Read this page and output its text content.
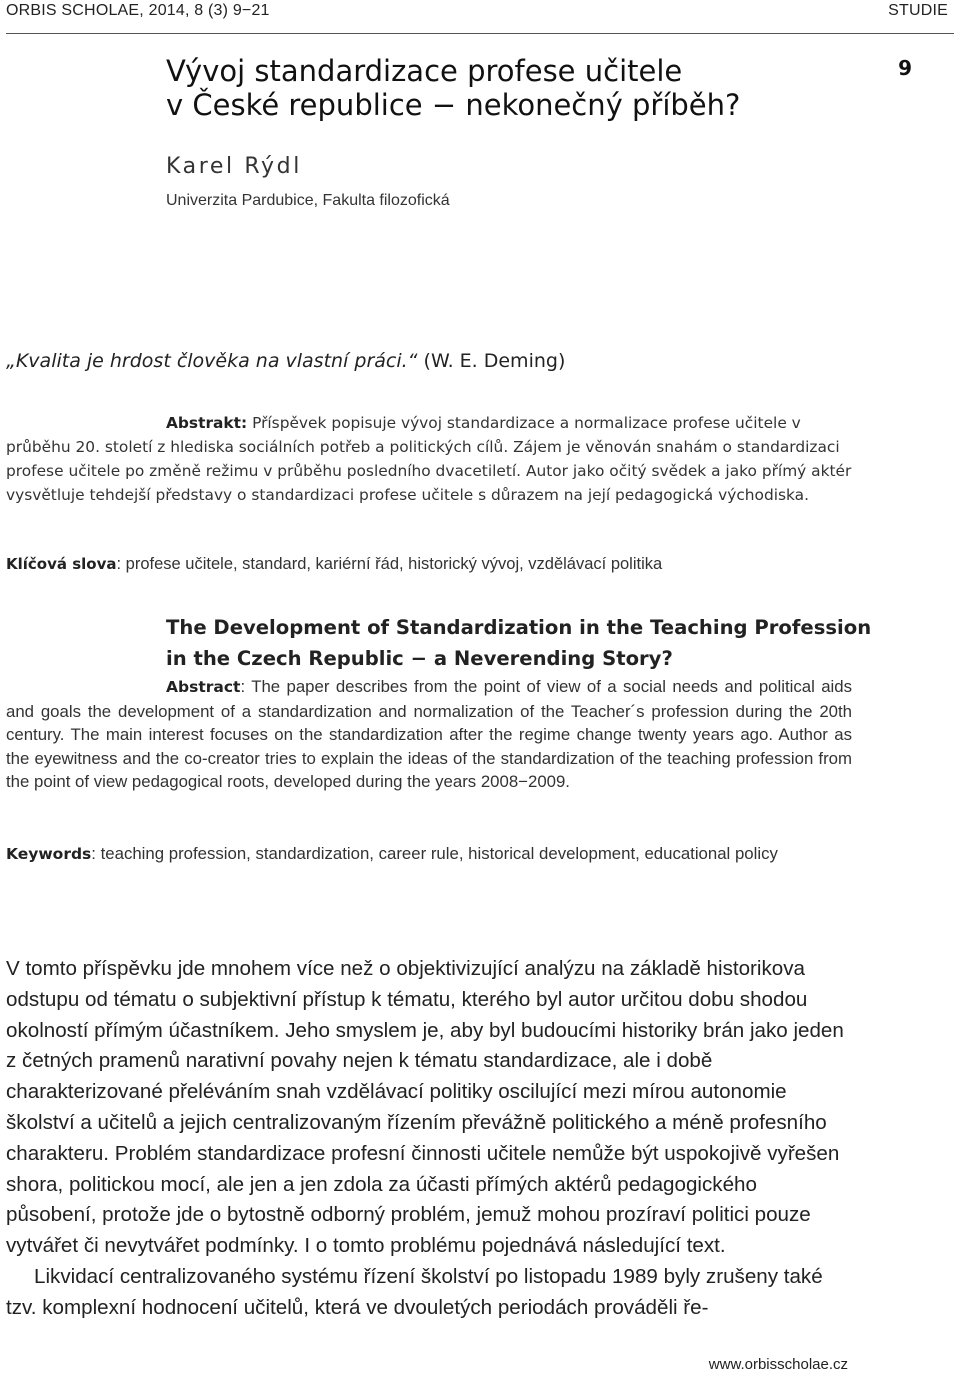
ORBIS SCHOLAE, 2014, 8 (3) 9−21	STUDIE
9
Vývoj standardizace profese učitele
v České republice − nekonečný příběh?
Karel Rýdl
Univerzita Pardubice, Fakulta filozofická
„Kvalita je hrdost člověka na vlastní práci.“ (W. E. Deming)

Abstrakt: Příspěvek popisuje vývoj standardizace a normalizace profese učitele v průběhu 20. století z hlediska sociálních potřeb a politických cílů. Zájem je věnován snahám o standardizaci profese učitele po změně režimu v průběhu posledního dvacetiletí. Autor jako očitý svědek a jako přímý aktér vysvětluje tehdejší představy o standardizaci profese učitele s důrazem na její pedagogická východiska.

Klíčová slova: profese učitele, standard, kariérní řád, historický vývoj, vzdělávací politika
The Development of Standardization in the Teaching Profession
in the Czech Republic − a Neverending Story?

Abstract: The paper describes from the point of view of a social needs and political aids and goals the development of a standardization and normalization of the Teacher´s profession during the 20th century. The main interest focuses on the standardization after the regime change twenty years ago. Author as the eyewitness and the co-creator tries to explain the ideas of the standardization of the teaching profession from the point of view pedagogical roots, developed during the years 2008−2009.

Keywords: teaching profession, standardization, career rule, historical development, educational policy

V tomto příspěvku jde mnohem více než o objektivizující analýzu na základě historikova odstupu od tématu o subjektivní přístup k tématu, kterého byl autor určitou dobu shodou okolností přímým účastníkem. Jeho smyslem je, aby byl budoucími historiky brán jako jeden z četných pramenů narativní povahy nejen k tématu standardizace, ale i době charakterizované přeléváním snah vzdělávací politiky oscilující mezi mírou autonomie školství a učitelů a jejich centralizovaným řízením převážně politického a méně profesního charakteru. Problém standardizace profesní činnosti učitele nemůže být uspokojivě vyřešen shora, politickou mocí, ale jen a jen zdola za účasti přímých aktérů pedagogického působení, protože jde o bytostně odborný problém, jemuž mohou prozíraví politici pouze vytvářet či nevytvářet podmínky. I o tomto problému pojednává následující text.

Likvidací centralizovaného systému řízení školství po listopadu 1989 byly zrušeny také tzv. komplexní hodnocení učitelů, která ve dvouletých periodách prováděli ře-

www.orbisscholae.cz
